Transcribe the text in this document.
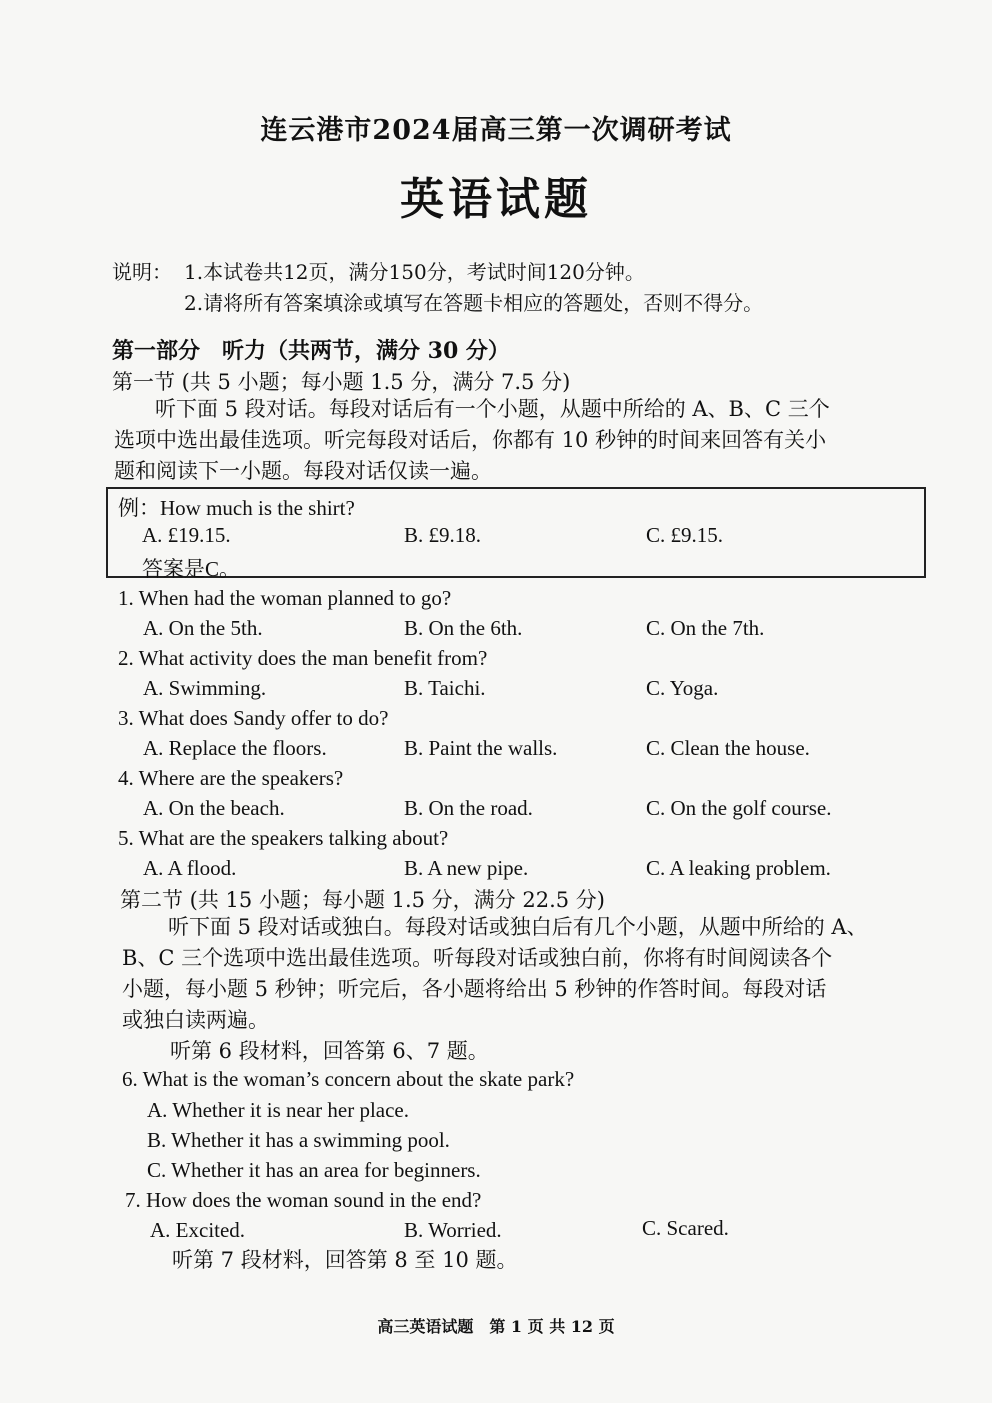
连云港市2024届高三第一次调研考试
英语试题
说明： 1.本试卷共12页，满分150分，考试时间120分钟。
2.请将所有答案填涂或填写在答题卡相应的答题处，否则不得分。
第一部分　听力（共两节，满分 30 分）
第一节 (共 5 小题；每小题 1.5 分，满分 7.5 分)
听下面 5 段对话。每段对话后有一个小题，从题中所给的 A、B、C 三个
选项中选出最佳选项。听完每段对话后，你都有 10 秒钟的时间来回答有关小
题和阅读下一小题。每段对话仅读一遍。
例：How much is the shirt?
A. £19.15.	B. £9.18.	C. £9.15.
答案是C。
1. When had the woman planned to go?
A. On the 5th.	B. On the 6th.	C. On the 7th.
2. What activity does the man benefit from?
A. Swimming.	B. Taichi.	C. Yoga.
3. What does Sandy offer to do?
A. Replace the floors.	B. Paint the walls.	C. Clean the house.
4. Where are the speakers?
A. On the beach.	B. On the road.	C. On the golf course.
5. What are the speakers talking about?
A. A flood.	B. A new pipe.	C. A leaking problem.
第二节 (共 15 小题；每小题 1.5 分，满分 22.5 分)
听下面 5 段对话或独白。每段对话或独白后有几个小题，从题中所给的 A、
B、C 三个选项中选出最佳选项。听每段对话或独白前，你将有时间阅读各个
小题，每小题 5 秒钟；听完后，各小题将给出 5 秒钟的作答时间。每段对话
或独白读两遍。
听第 6 段材料，回答第 6、7 题。
6. What is the woman’s concern about the skate park?
A. Whether it is near her place.
B. Whether it has a swimming pool.
C. Whether it has an area for beginners.
7. How does the woman sound in the end?
A. Excited.	B. Worried.	C. Scared.
听第 7 段材料，回答第 8 至 10 题。
高三英语试题　第 1 页 共 12 页
